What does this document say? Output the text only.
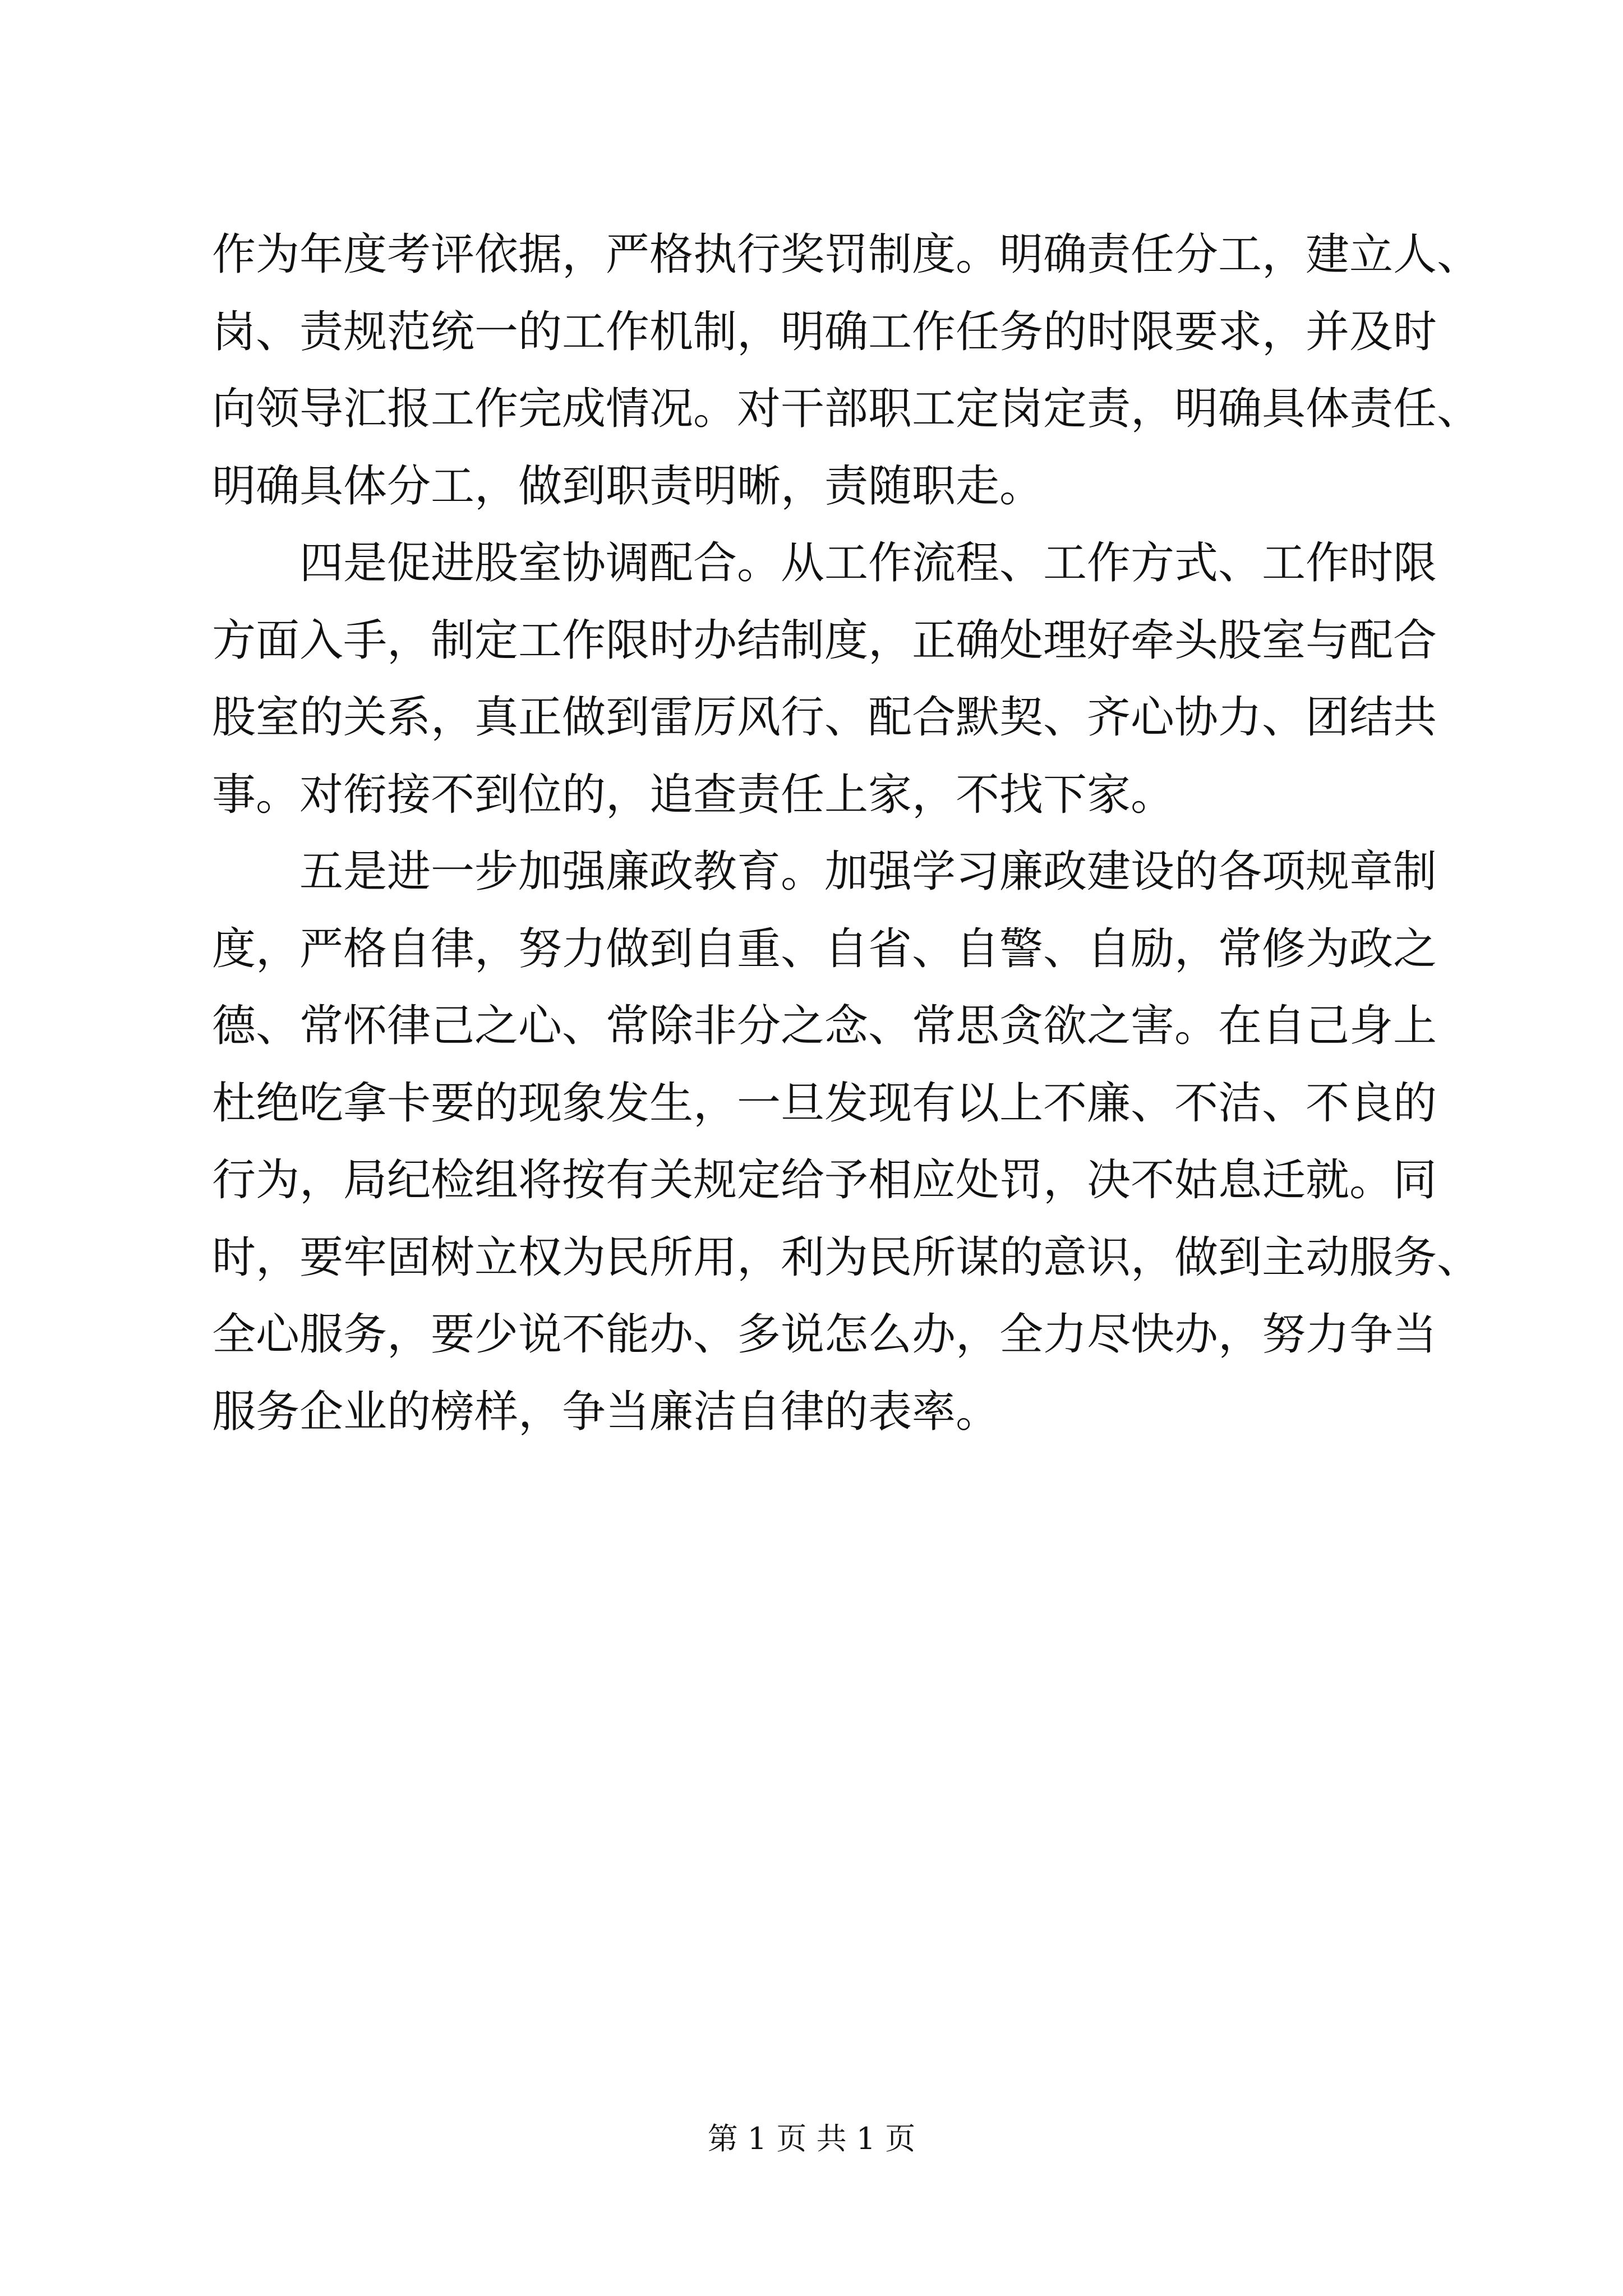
作为年度考评依据，严格执行奖罚制度。明确责任分工，建立人、
岗、责规范统一的工作机制，明确工作任务的时限要求，并及时
向领导汇报工作完成情况。对干部职工定岗定责，明确具体责任、
明确具体分工，做到职责明晰，责随职走。
四是促进股室协调配合。从工作流程、工作方式、工作时限
方面入手，制定工作限时办结制度，正确处理好牵头股室与配合
股室的关系，真正做到雷厉风行、配合默契、齐心协力、团结共
事。对衔接不到位的，追查责任上家，不找下家。
五是进一步加强廉政教育。加强学习廉政建设的各项规章制
度，严格自律，努力做到自重、自省、自警、自励，常修为政之
德、常怀律己之心、常除非分之念、常思贪欲之害。在自己身上
杜绝吃拿卡要的现象发生，一旦发现有以上不廉、不洁、不良的
行为，局纪检组将按有关规定给予相应处罚，决不姑息迁就。同
时，要牢固树立权为民所用，利为民所谋的意识，做到主动服务、
全心服务，要少说不能办、多说怎么办，全力尽快办，努力争当
服务企业的榜样，争当廉洁自律的表率。
第 1 页 共 1 页
